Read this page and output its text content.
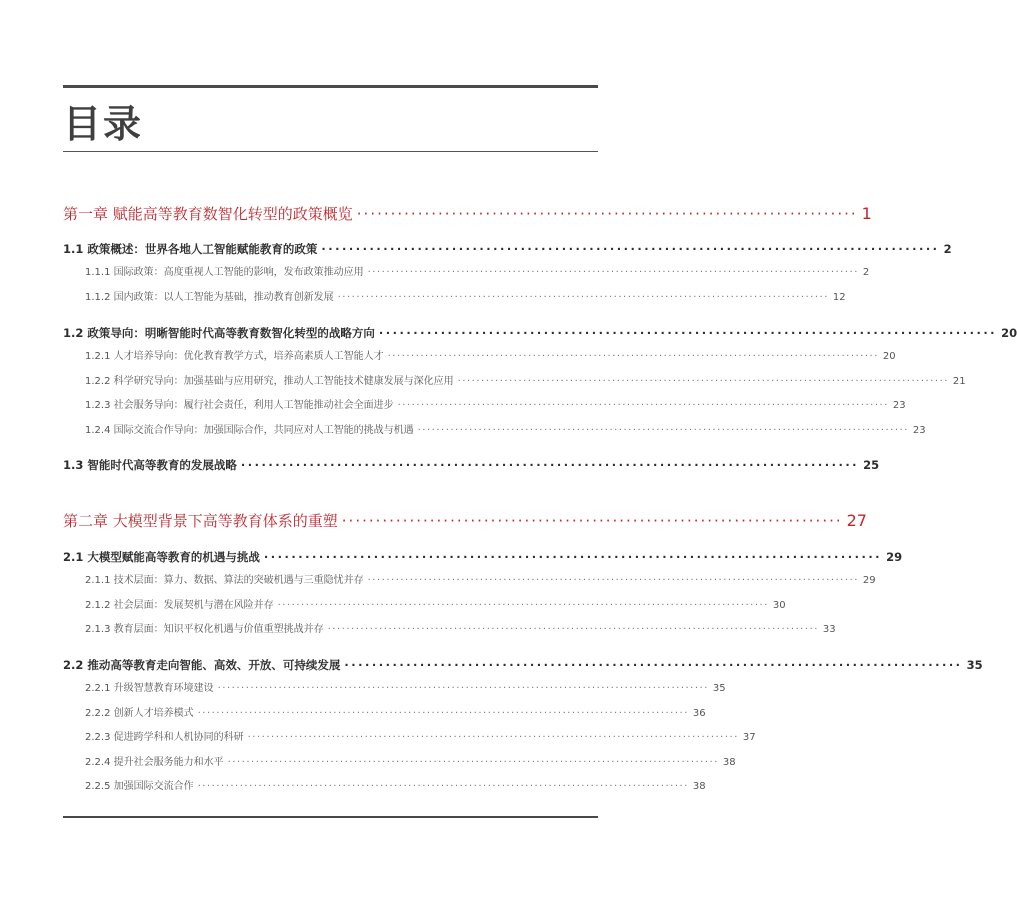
目录
第一章 赋能高等教育数智化转型的政策概览 ·········································································· 1
1.1 政策概述：世界各地人工智能赋能教育的政策 ·························································································· 2
1.1.1 国际政策：高度重视人工智能的影响，发布政策推动应用 ········································································································· 2
1.1.2 国内政策：以人工智能为基础，推动教育创新发展 ········································································································· 12
1.2 政策导向：明晰智能时代高等教育数智化转型的战略方向 ·························································································· 20
1.2.1 人才培养导向：优化教育教学方式，培养高素质人工智能人才 ········································································································· 20
1.2.2 科学研究导向：加强基础与应用研究，推动人工智能技术健康发展与深化应用 ········································································································· 21
1.2.3 社会服务导向：履行社会责任，利用人工智能推动社会全面进步 ········································································································· 23
1.2.4 国际交流合作导向：加强国际合作，共同应对人工智能的挑战与机遇 ········································································································· 23
1.3 智能时代高等教育的发展战略 ·························································································· 25
第二章 大模型背景下高等教育体系的重塑 ·········································································· 27
2.1 大模型赋能高等教育的机遇与挑战 ·························································································· 29
2.1.1 技术层面：算力、数据、算法的突破机遇与三重隐忧并存 ········································································································· 29
2.1.2 社会层面：发展契机与潜在风险并存 ········································································································· 30
2.1.3 教育层面：知识平权化机遇与价值重塑挑战并存 ········································································································· 33
2.2 推动高等教育走向智能、高效、开放、可持续发展 ·························································································· 35
2.2.1 升级智慧教育环境建设 ········································································································· 35
2.2.2 创新人才培养模式 ········································································································· 36
2.2.3 促进跨学科和人机协同的科研 ········································································································· 37
2.2.4 提升社会服务能力和水平 ········································································································· 38
2.2.5 加强国际交流合作 ········································································································· 38
